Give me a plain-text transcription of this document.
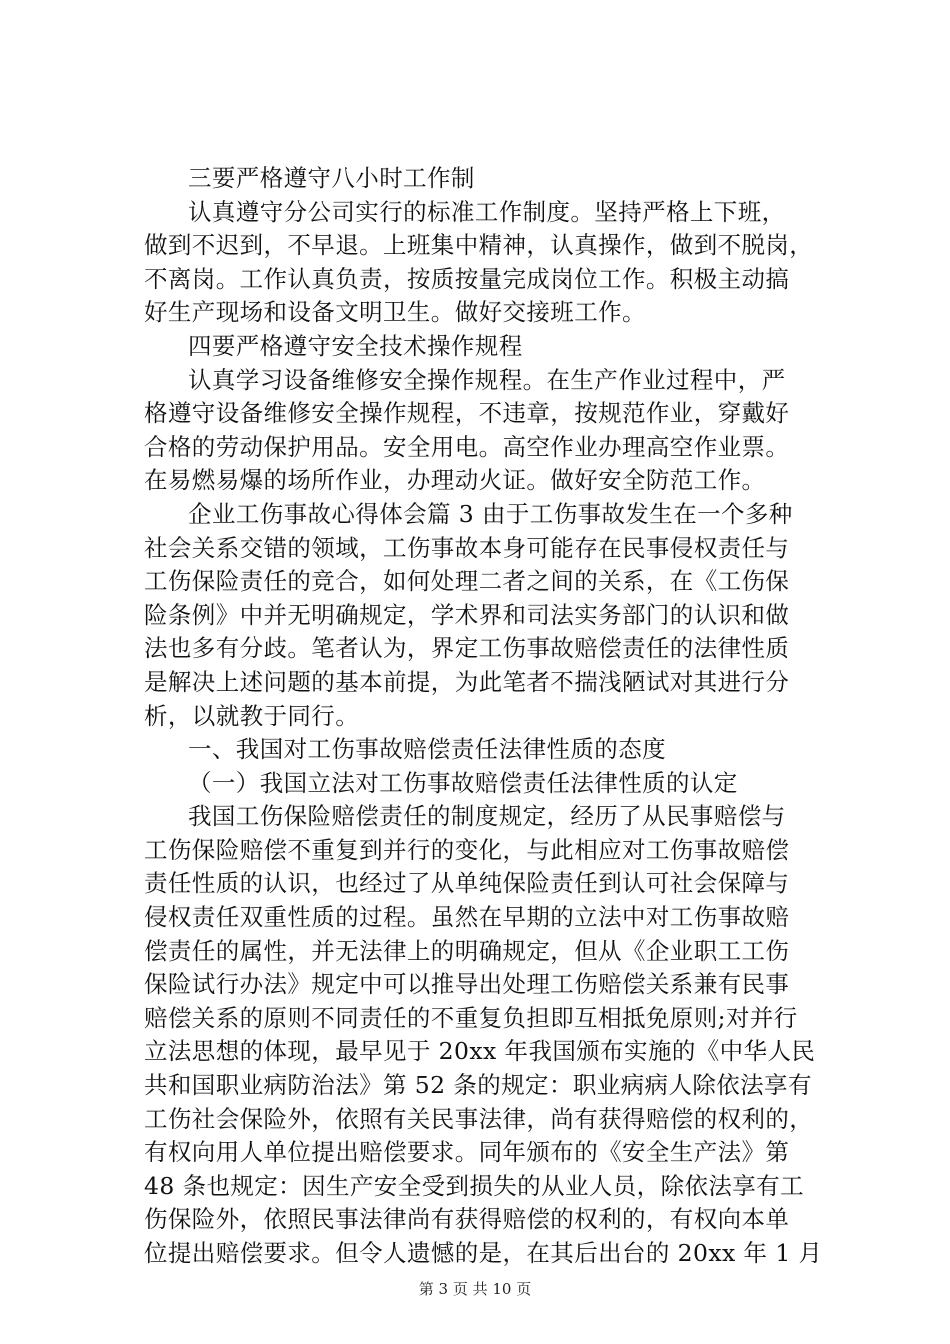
三要严格遵守八小时工作制
认真遵守分公司实行的标准工作制度。坚持严格上下班，
做到不迟到，不早退。上班集中精神，认真操作，做到不脱岗，
不离岗。工作认真负责，按质按量完成岗位工作。积极主动搞
好生产现场和设备文明卫生。做好交接班工作。
四要严格遵守安全技术操作规程
认真学习设备维修安全操作规程。在生产作业过程中，严
格遵守设备维修安全操作规程，不违章，按规范作业，穿戴好
合格的劳动保护用品。安全用电。高空作业办理高空作业票。
在易燃易爆的场所作业，办理动火证。做好安全防范工作。
企业工伤事故心得体会篇 3 由于工伤事故发生在一个多种
社会关系交错的领域，工伤事故本身可能存在民事侵权责任与
工伤保险责任的竞合，如何处理二者之间的关系，在《工伤保
险条例》中并无明确规定，学术界和司法实务部门的认识和做
法也多有分歧。笔者认为，界定工伤事故赔偿责任的法律性质
是解决上述问题的基本前提，为此笔者不揣浅陋试对其进行分
析，以就教于同行。
一、我国对工伤事故赔偿责任法律性质的态度
（一）我国立法对工伤事故赔偿责任法律性质的认定
我国工伤保险赔偿责任的制度规定，经历了从民事赔偿与
工伤保险赔偿不重复到并行的变化，与此相应对工伤事故赔偿
责任性质的认识，也经过了从单纯保险责任到认可社会保障与
侵权责任双重性质的过程。虽然在早期的立法中对工伤事故赔
偿责任的属性，并无法律上的明确规定，但从《企业职工工伤
保险试行办法》规定中可以推导出处理工伤赔偿关系兼有民事
赔偿关系的原则不同责任的不重复负担即互相抵免原则;对并行
立法思想的体现，最早见于 20xx 年我国颁布实施的《中华人民
共和国职业病防治法》第 52 条的规定：职业病病人除依法享有
工伤社会保险外，依照有关民事法律，尚有获得赔偿的权利的，
有权向用人单位提出赔偿要求。同年颁布的《安全生产法》第
48 条也规定：因生产安全受到损失的从业人员，除依法享有工
伤保险外，依照民事法律尚有获得赔偿的权利的，有权向本单
位提出赔偿要求。但令人遗憾的是，在其后出台的 20xx 年 1 月
第 3 页 共 10 页
